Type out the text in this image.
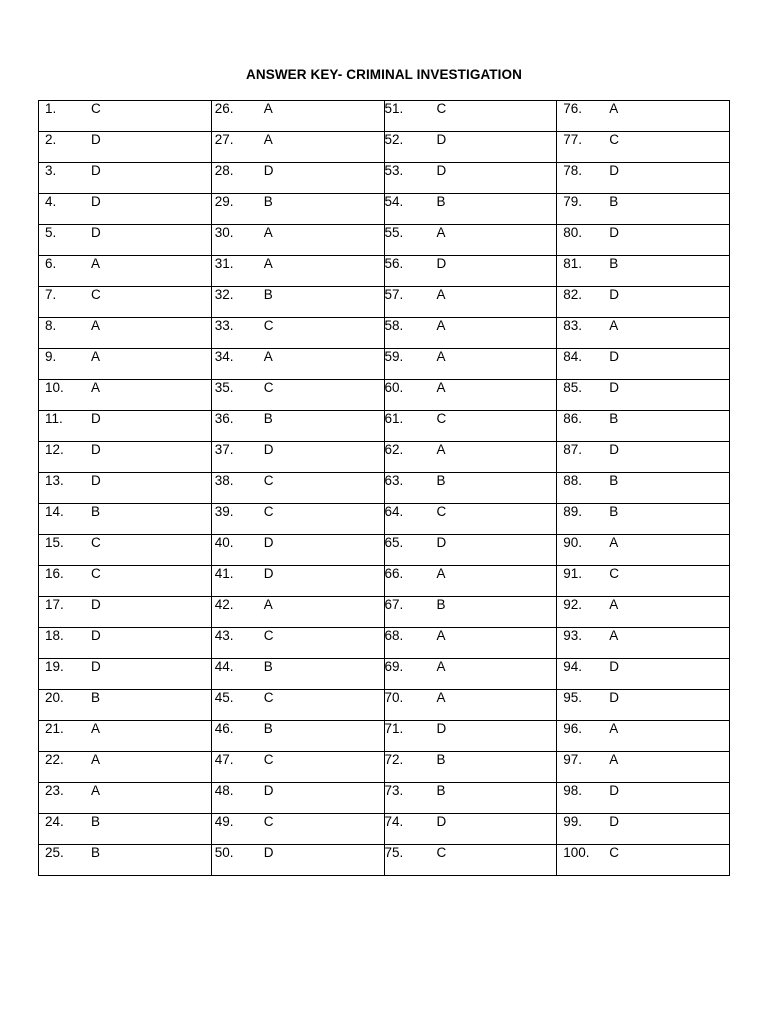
ANSWER KEY- CRIMINAL INVESTIGATION
1. C	26. A	51. C	76. A

2. D	27. A	52. D	77. C

3. D	28. D	53. D	78. D

4. D	29. B	54. B	79. B

5. D	30. A	55. A	80. D

6. A	31. A	56. D	81. B

7. C	32. B	57. A	82. D

8. A	33. C	58. A	83. A

9. A	34. A	59. A	84. D

10. A	35. C	60. A	85. D

11. D	36. B	61. C	86. B

12. D	37. D	62. A	87. D

13. D	38. C	63. B	88. B

14. B	39. C	64. C	89. B

15. C	40. D	65. D	90. A

16. C	41. D	66. A	91. C

17. D	42. A	67. B	92. A

18. D	43. C	68. A	93. A

19. D	44. B	69. A	94. D

20. B	45. C	70. A	95. D

21. A	46. B	71. D	96. A

22. A	47. C	72. B	97. A

23. A	48. D	73. B	98. D

24. B	49. C	74. D	99. D

25. B	50. D	75. C	100. C
